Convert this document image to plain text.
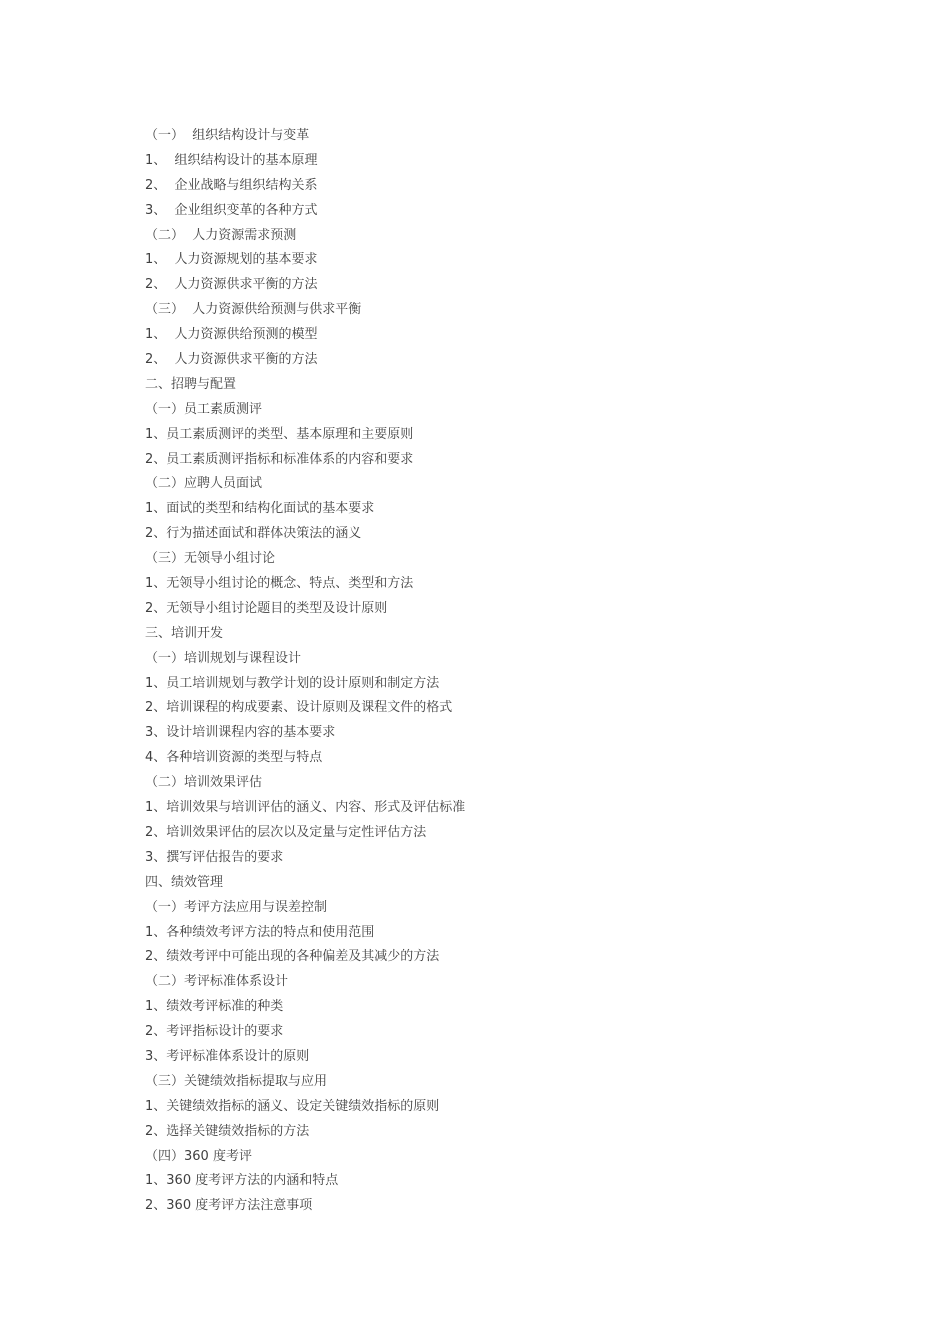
（一）  组织结构设计与变革
1、  组织结构设计的基本原理
2、  企业战略与组织结构关系
3、  企业组织变革的各种方式
（二）  人力资源需求预测
1、  人力资源规划的基本要求
2、  人力资源供求平衡的方法
（三）  人力资源供给预测与供求平衡
1、  人力资源供给预测的模型
2、  人力资源供求平衡的方法
二、招聘与配置
（一）员工素质测评
1、员工素质测评的类型、基本原理和主要原则
2、员工素质测评指标和标准体系的内容和要求
（二）应聘人员面试
1、面试的类型和结构化面试的基本要求
2、行为描述面试和群体决策法的涵义
（三）无领导小组讨论
1、无领导小组讨论的概念、特点、类型和方法
2、无领导小组讨论题目的类型及设计原则
三、培训开发
（一）培训规划与课程设计
1、员工培训规划与教学计划的设计原则和制定方法
2、培训课程的构成要素、设计原则及课程文件的格式
3、设计培训课程内容的基本要求
4、各种培训资源的类型与特点
（二）培训效果评估
1、培训效果与培训评估的涵义、内容、形式及评估标准
2、培训效果评估的层次以及定量与定性评估方法
3、撰写评估报告的要求
四、绩效管理
（一）考评方法应用与误差控制
1、各种绩效考评方法的特点和使用范围
2、绩效考评中可能出现的各种偏差及其减少的方法
（二）考评标准体系设计
1、绩效考评标准的种类
2、考评指标设计的要求
3、考评标准体系设计的原则
（三）关键绩效指标提取与应用
1、关键绩效指标的涵义、设定关键绩效指标的原则
2、选择关键绩效指标的方法
（四）360 度考评
1、360 度考评方法的内涵和特点
2、360 度考评方法注意事项
